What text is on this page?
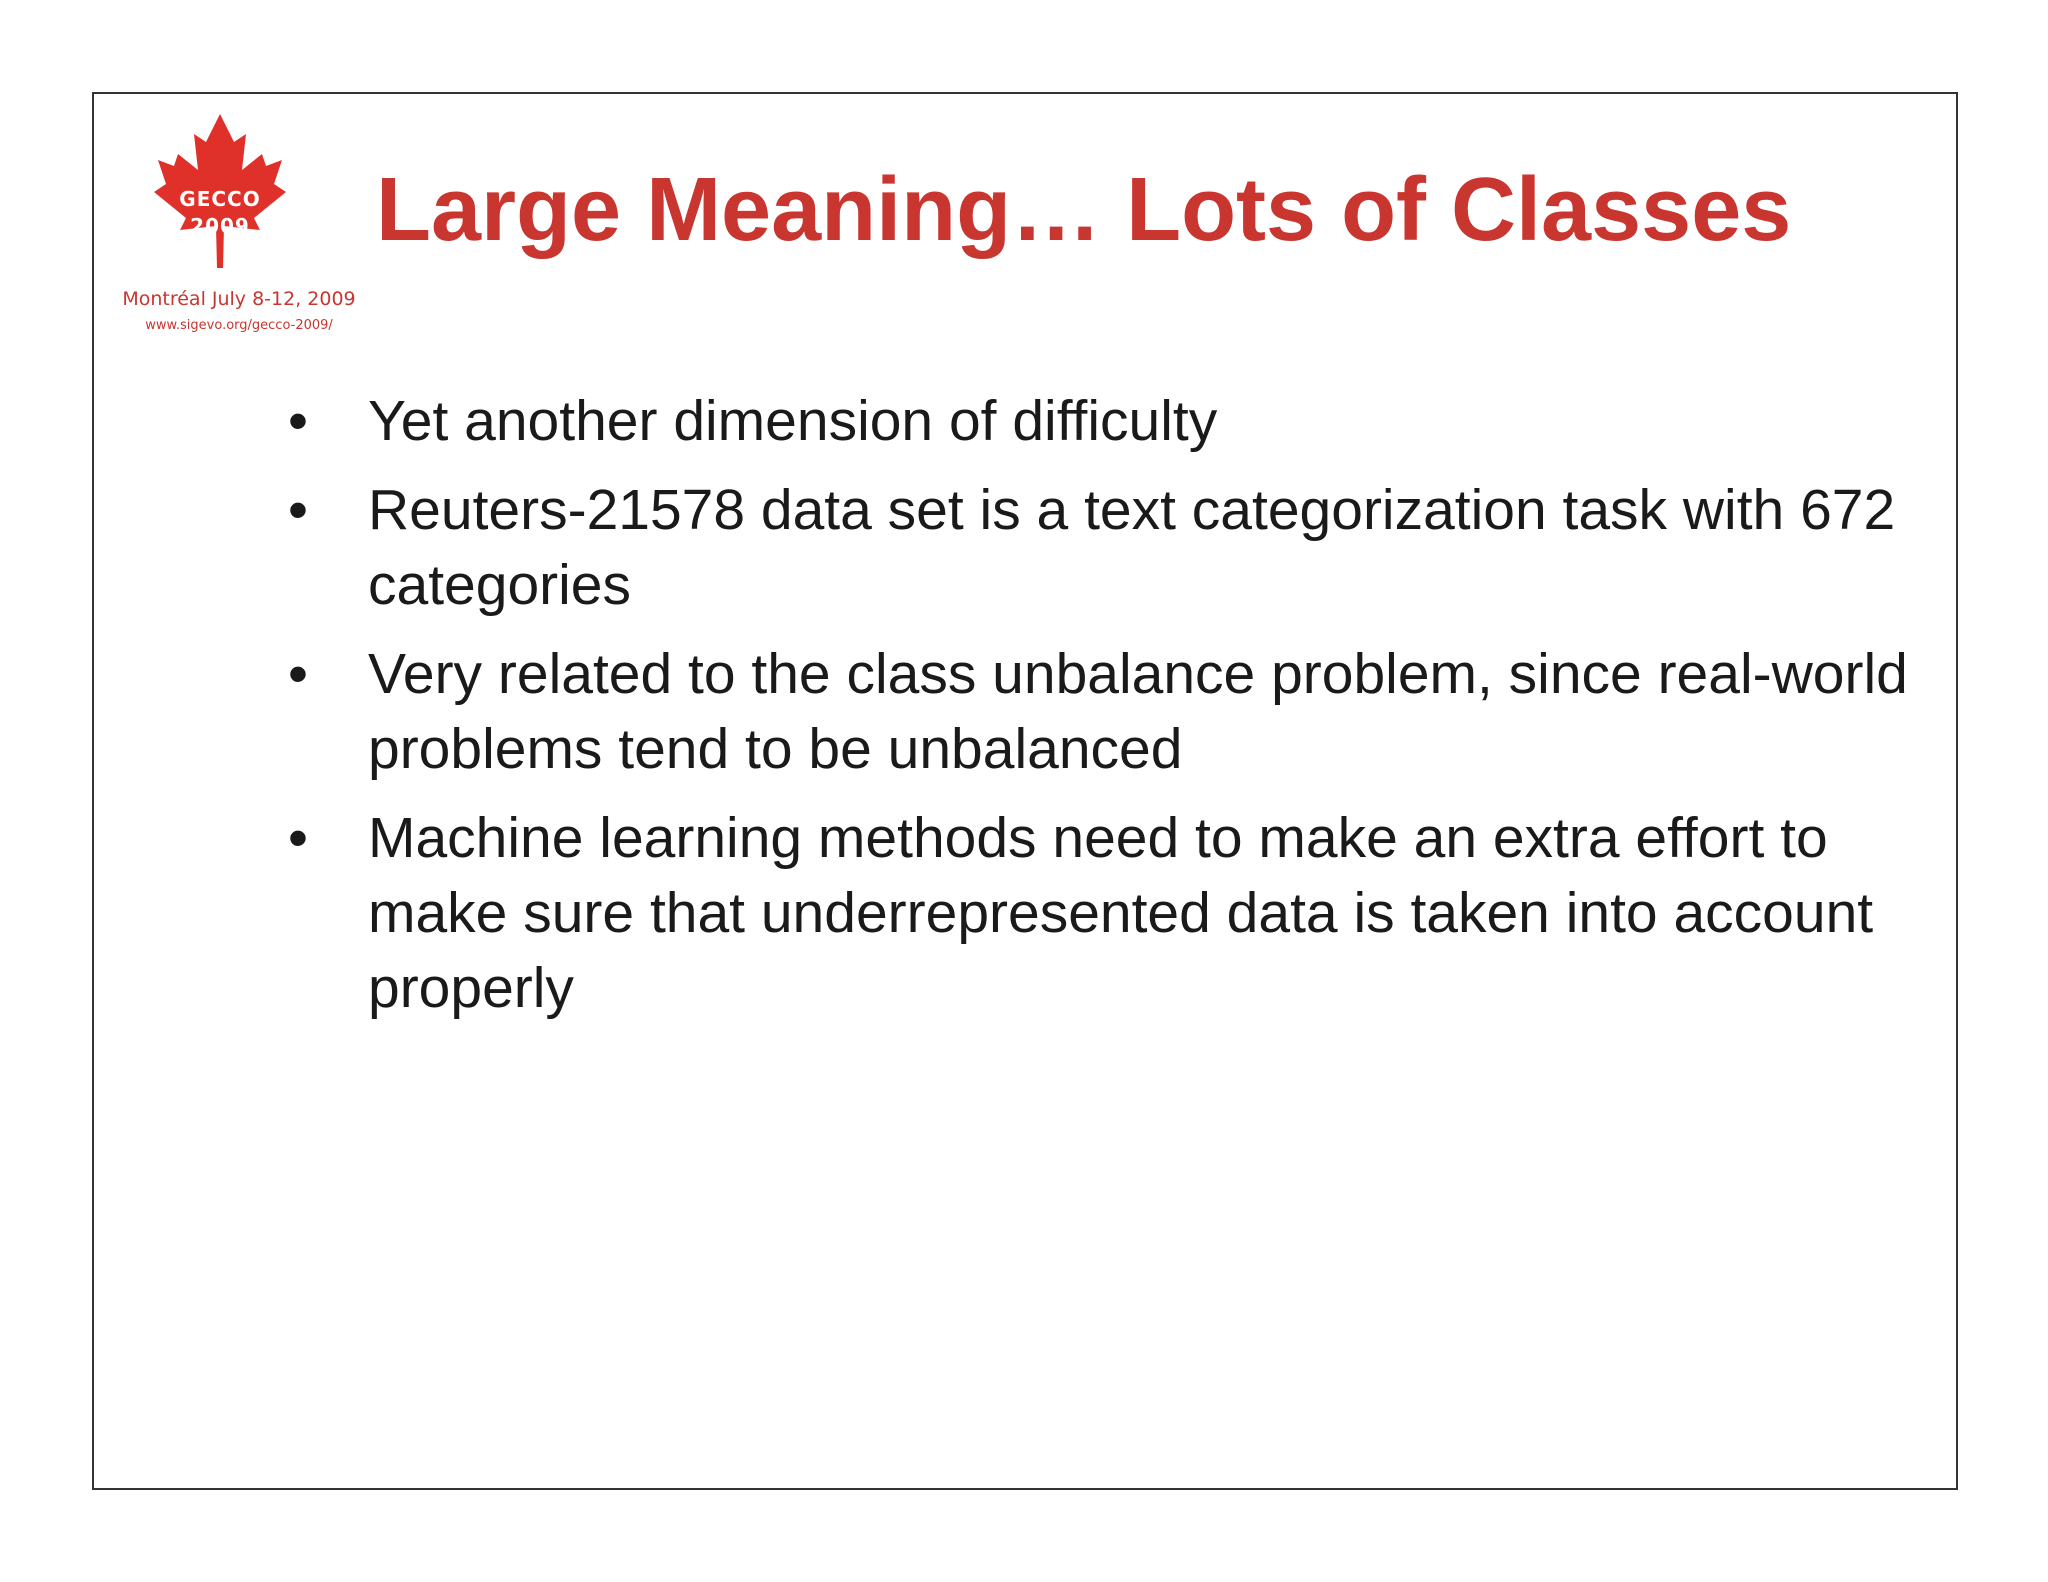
GECCO
2009
Montréal July 8-12, 2009
www.sigevo.org/gecco-2009/
Large Meaning… Lots of Classes
• Yet another dimension of difficulty
• Reuters-21578 data set is a text categorization task with 672 categories
• Very related to the class unbalance problem, since real-world problems tend to be unbalanced
• Machine learning methods need to make an extra effort to make sure that underrepresented data is taken into account properly
